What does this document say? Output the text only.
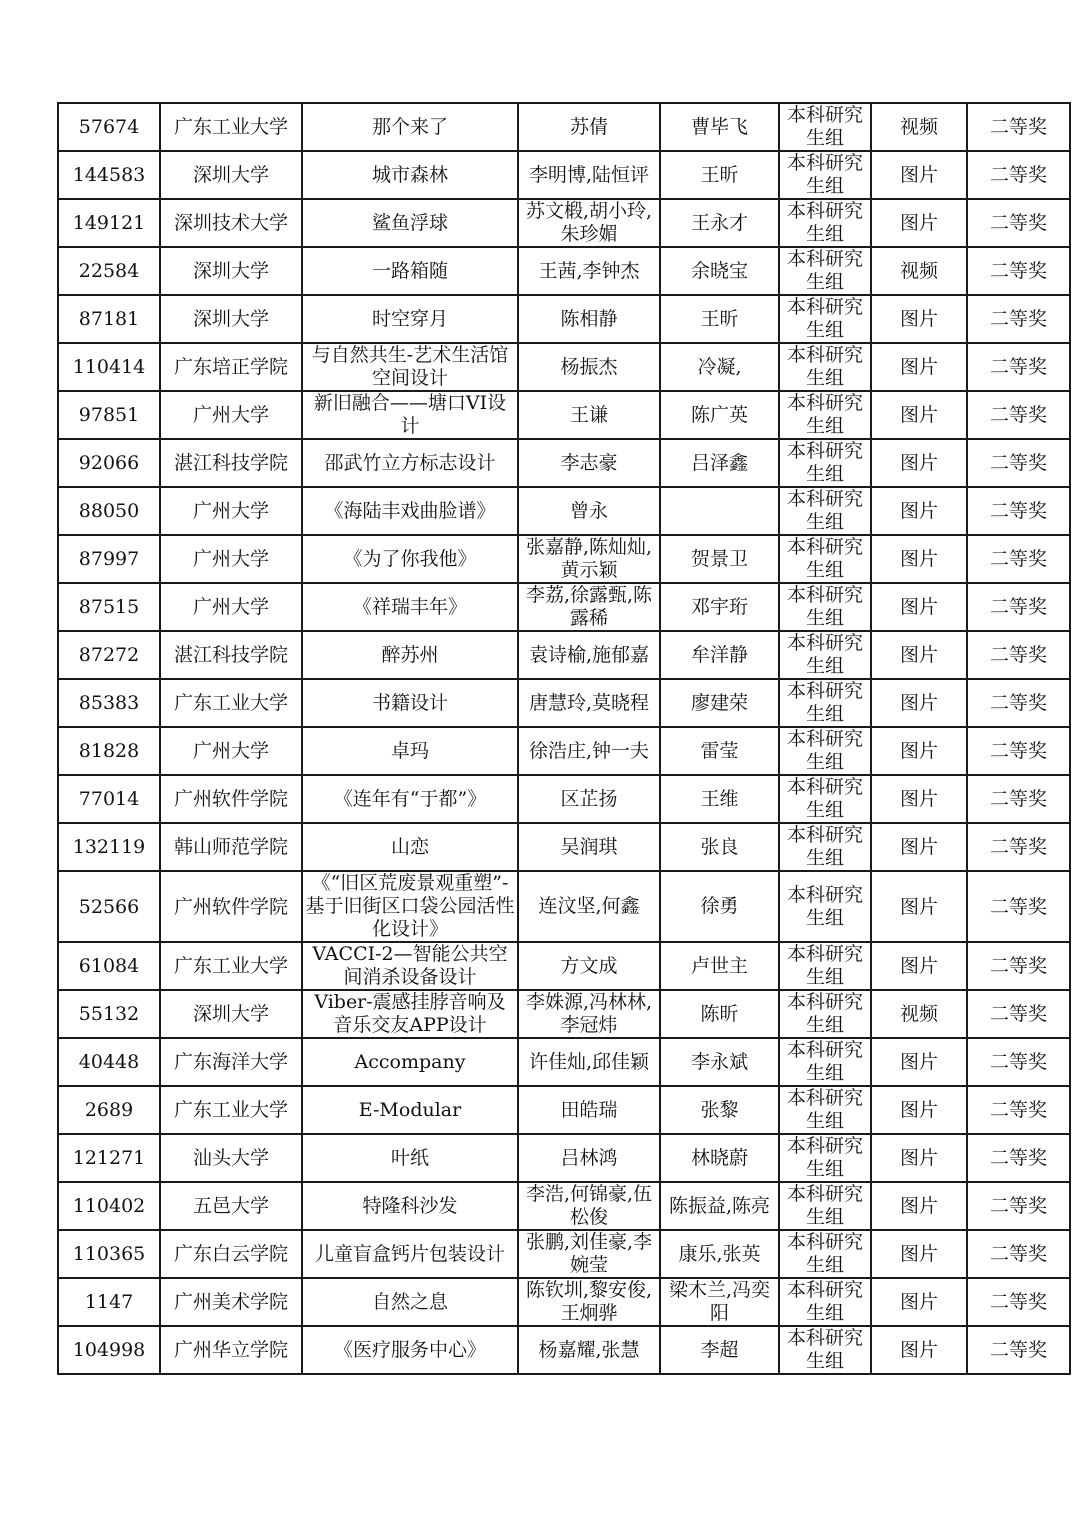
57674	广东工业大学	那个来了	苏倩	曹毕飞	本科研究生组	视频	二等奖
144583	深圳大学	城市森林	李明博,陆恒评	王昕	本科研究生组	图片	二等奖
149121	深圳技术大学	鲨鱼浮球	苏文椴,胡小玲,朱珍媚	王永才	本科研究生组	图片	二等奖
22584	深圳大学	一路箱随	王茜,李钟杰	余晓宝	本科研究生组	视频	二等奖
87181	深圳大学	时空穿月	陈相静	王昕	本科研究生组	图片	二等奖
110414	广东培正学院	与自然共生-艺术生活馆空间设计	杨振杰	冷凝,	本科研究生组	图片	二等奖
97851	广州大学	新旧融合——塘口VI设计	王谦	陈广英	本科研究生组	图片	二等奖
92066	湛江科技学院	邵武竹立方标志设计	李志豪	吕泽鑫	本科研究生组	图片	二等奖
88050	广州大学	《海陆丰戏曲脸谱》	曾永		本科研究生组	图片	二等奖
87997	广州大学	《为了你我他》	张嘉静,陈灿灿,黄示颖	贺景卫	本科研究生组	图片	二等奖
87515	广州大学	《祥瑞丰年》	李荔,徐露甄,陈露稀	邓宇珩	本科研究生组	图片	二等奖
87272	湛江科技学院	醉苏州	袁诗榆,施郁嘉	牟洋静	本科研究生组	图片	二等奖
85383	广东工业大学	书籍设计	唐慧玲,莫晓程	廖建荣	本科研究生组	图片	二等奖
81828	广州大学	卓玛	徐浩庄,钟一夫	雷莹	本科研究生组	图片	二等奖
77014	广州软件学院	《连年有“于都”》	区芷扬	王维	本科研究生组	图片	二等奖
132119	韩山师范学院	山恋	吴润琪	张良	本科研究生组	图片	二等奖
52566	广州软件学院	《“旧区荒废景观重塑”-基于旧街区口袋公园活性化设计》	连汶坚,何鑫	徐勇	本科研究生组	图片	二等奖
61084	广东工业大学	VACCI-2—智能公共空间消杀设备设计	方文成	卢世主	本科研究生组	图片	二等奖
55132	深圳大学	Viber-震感挂脖音响及音乐交友APP设计	李姝源,冯林林,李冠炜	陈昕	本科研究生组	视频	二等奖
40448	广东海洋大学	Accompany	许佳灿,邱佳颖	李永斌	本科研究生组	图片	二等奖
2689	广东工业大学	E-Modular	田皓瑞	张黎	本科研究生组	图片	二等奖
121271	汕头大学	叶纸	吕林鸿	林晓蔚	本科研究生组	图片	二等奖
110402	五邑大学	特隆科沙发	李浩,何锦豪,伍松俊	陈振益,陈亮	本科研究生组	图片	二等奖
110365	广东白云学院	儿童盲盒钙片包装设计	张鹏,刘佳豪,李婉莹	康乐,张英	本科研究生组	图片	二等奖
1147	广州美术学院	自然之息	陈钦圳,黎安俊,王炯骅	梁木兰,冯奕阳	本科研究生组	图片	二等奖
104998	广州华立学院	《医疗服务中心》	杨嘉耀,张慧	李超	本科研究生组	图片	二等奖
